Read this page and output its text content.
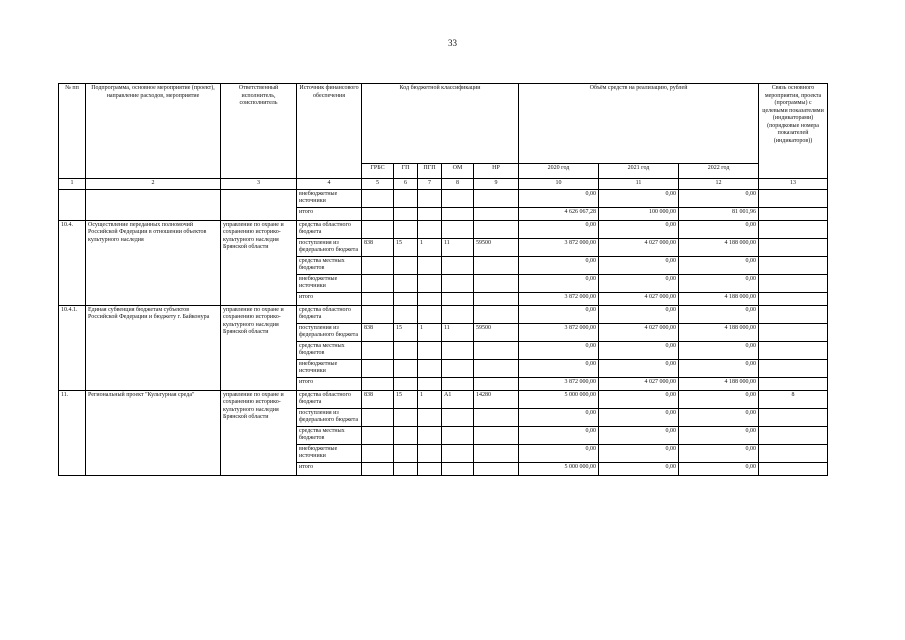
33
№ пп	Подпрограмма, основное мероприятие (проект), направление расходов, мероприятие	Ответственный исполнитель, соисполнитель	Источник финансового обеспечения	Код бюджетной классификации					Объём средств на реализацию, рублей			Связь основного мероприятия, проекта (программы) с целевыми показателями (индикаторами) (порядковые номера показателей (индикаторов))
				ГРБС	ГП	ПГП	ОМ	НР	2020 год	2021 год	2022 год	
1	2	3	4	5	6	7	8	9	10	11	12	13
			внебюджетные источники						0,00	0,00	0,00	
			итого						4 626 067,28	100 000,00	81 001,96	
10.4.	Осуществление переданных полномочий Российской Федерации в отношении объектов культурного наследия	управление по охране и сохранению историко-культурного наследия Брянской области	средства областного бюджета						0,00	0,00	0,00	
			поступления из федерального бюджета	838	15	1	11	59500	3 872 000,00	4 027 000,00	4 188 000,00	
			средства местных бюджетов						0,00	0,00	0,00	
			внебюджетные источники						0,00	0,00	0,00	
			итого						3 872 000,00	4 027 000,00	4 188 000,00	
10.4.1.	Единая субвенция бюджетам субъектов Российской Федерации и бюджету г. Байконура	управление по охране и сохранению историко-культурного наследия Брянской области	средства областного бюджета						0,00	0,00	0,00	
			поступления из федерального бюджета	838	15	1	11	59500	3 872 000,00	4 027 000,00	4 188 000,00	
			средства местных бюджетов						0,00	0,00	0,00	
			внебюджетные источники						0,00	0,00	0,00	
			итого						3 872 000,00	4 027 000,00	4 188 000,00	
11.	Региональный проект "Культурная среда"	управление по охране и сохранению историко-культурного наследия Брянской области	средства областного бюджета	838	15	1	A1	14280	5 000 000,00	0,00	0,00	8
			поступления из федерального бюджета						0,00	0,00	0,00	
			средства местных бюджетов						0,00	0,00	0,00	
			внебюджетные источники						0,00	0,00	0,00	
			итого						5 000 000,00	0,00	0,00	
